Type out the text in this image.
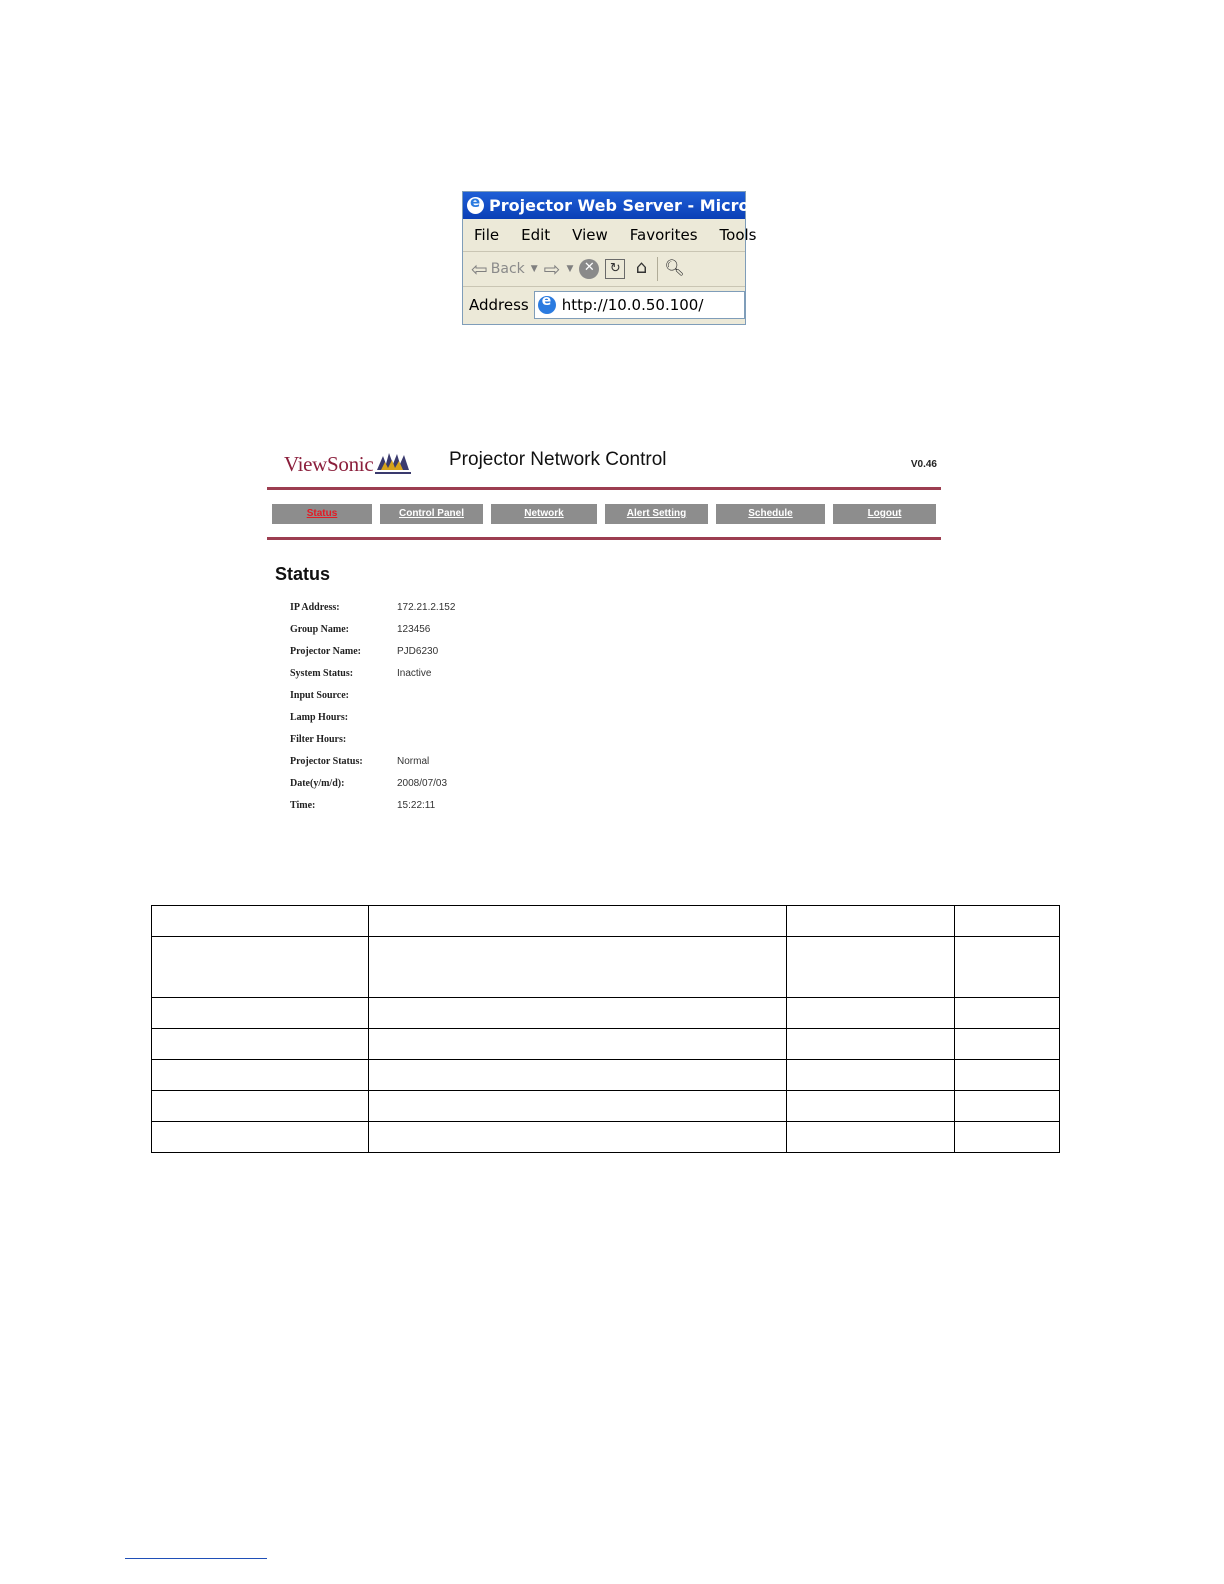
e
Projector Web Server - Microsoft
File	Edit	View	Favorites	Tools
⇦ Back ▼ ⇨ ▼ ✕	↻ ⌂ 🔍︎
Address
e http://10.0.50.100/
ViewSonic	Projector Network Control	V0.46
Status	Control Panel	Network	Alert Setting	Schedule	Logout
Status
IP Address:	172.21.2.152
Group Name:	123456
Projector Name:	PJD6230
System Status:	Inactive
Input Source:
Lamp Hours:
Filter Hours:
Projector Status:	Normal
Date(y/m/d):	2008/07/03
Time:	15:22:11
